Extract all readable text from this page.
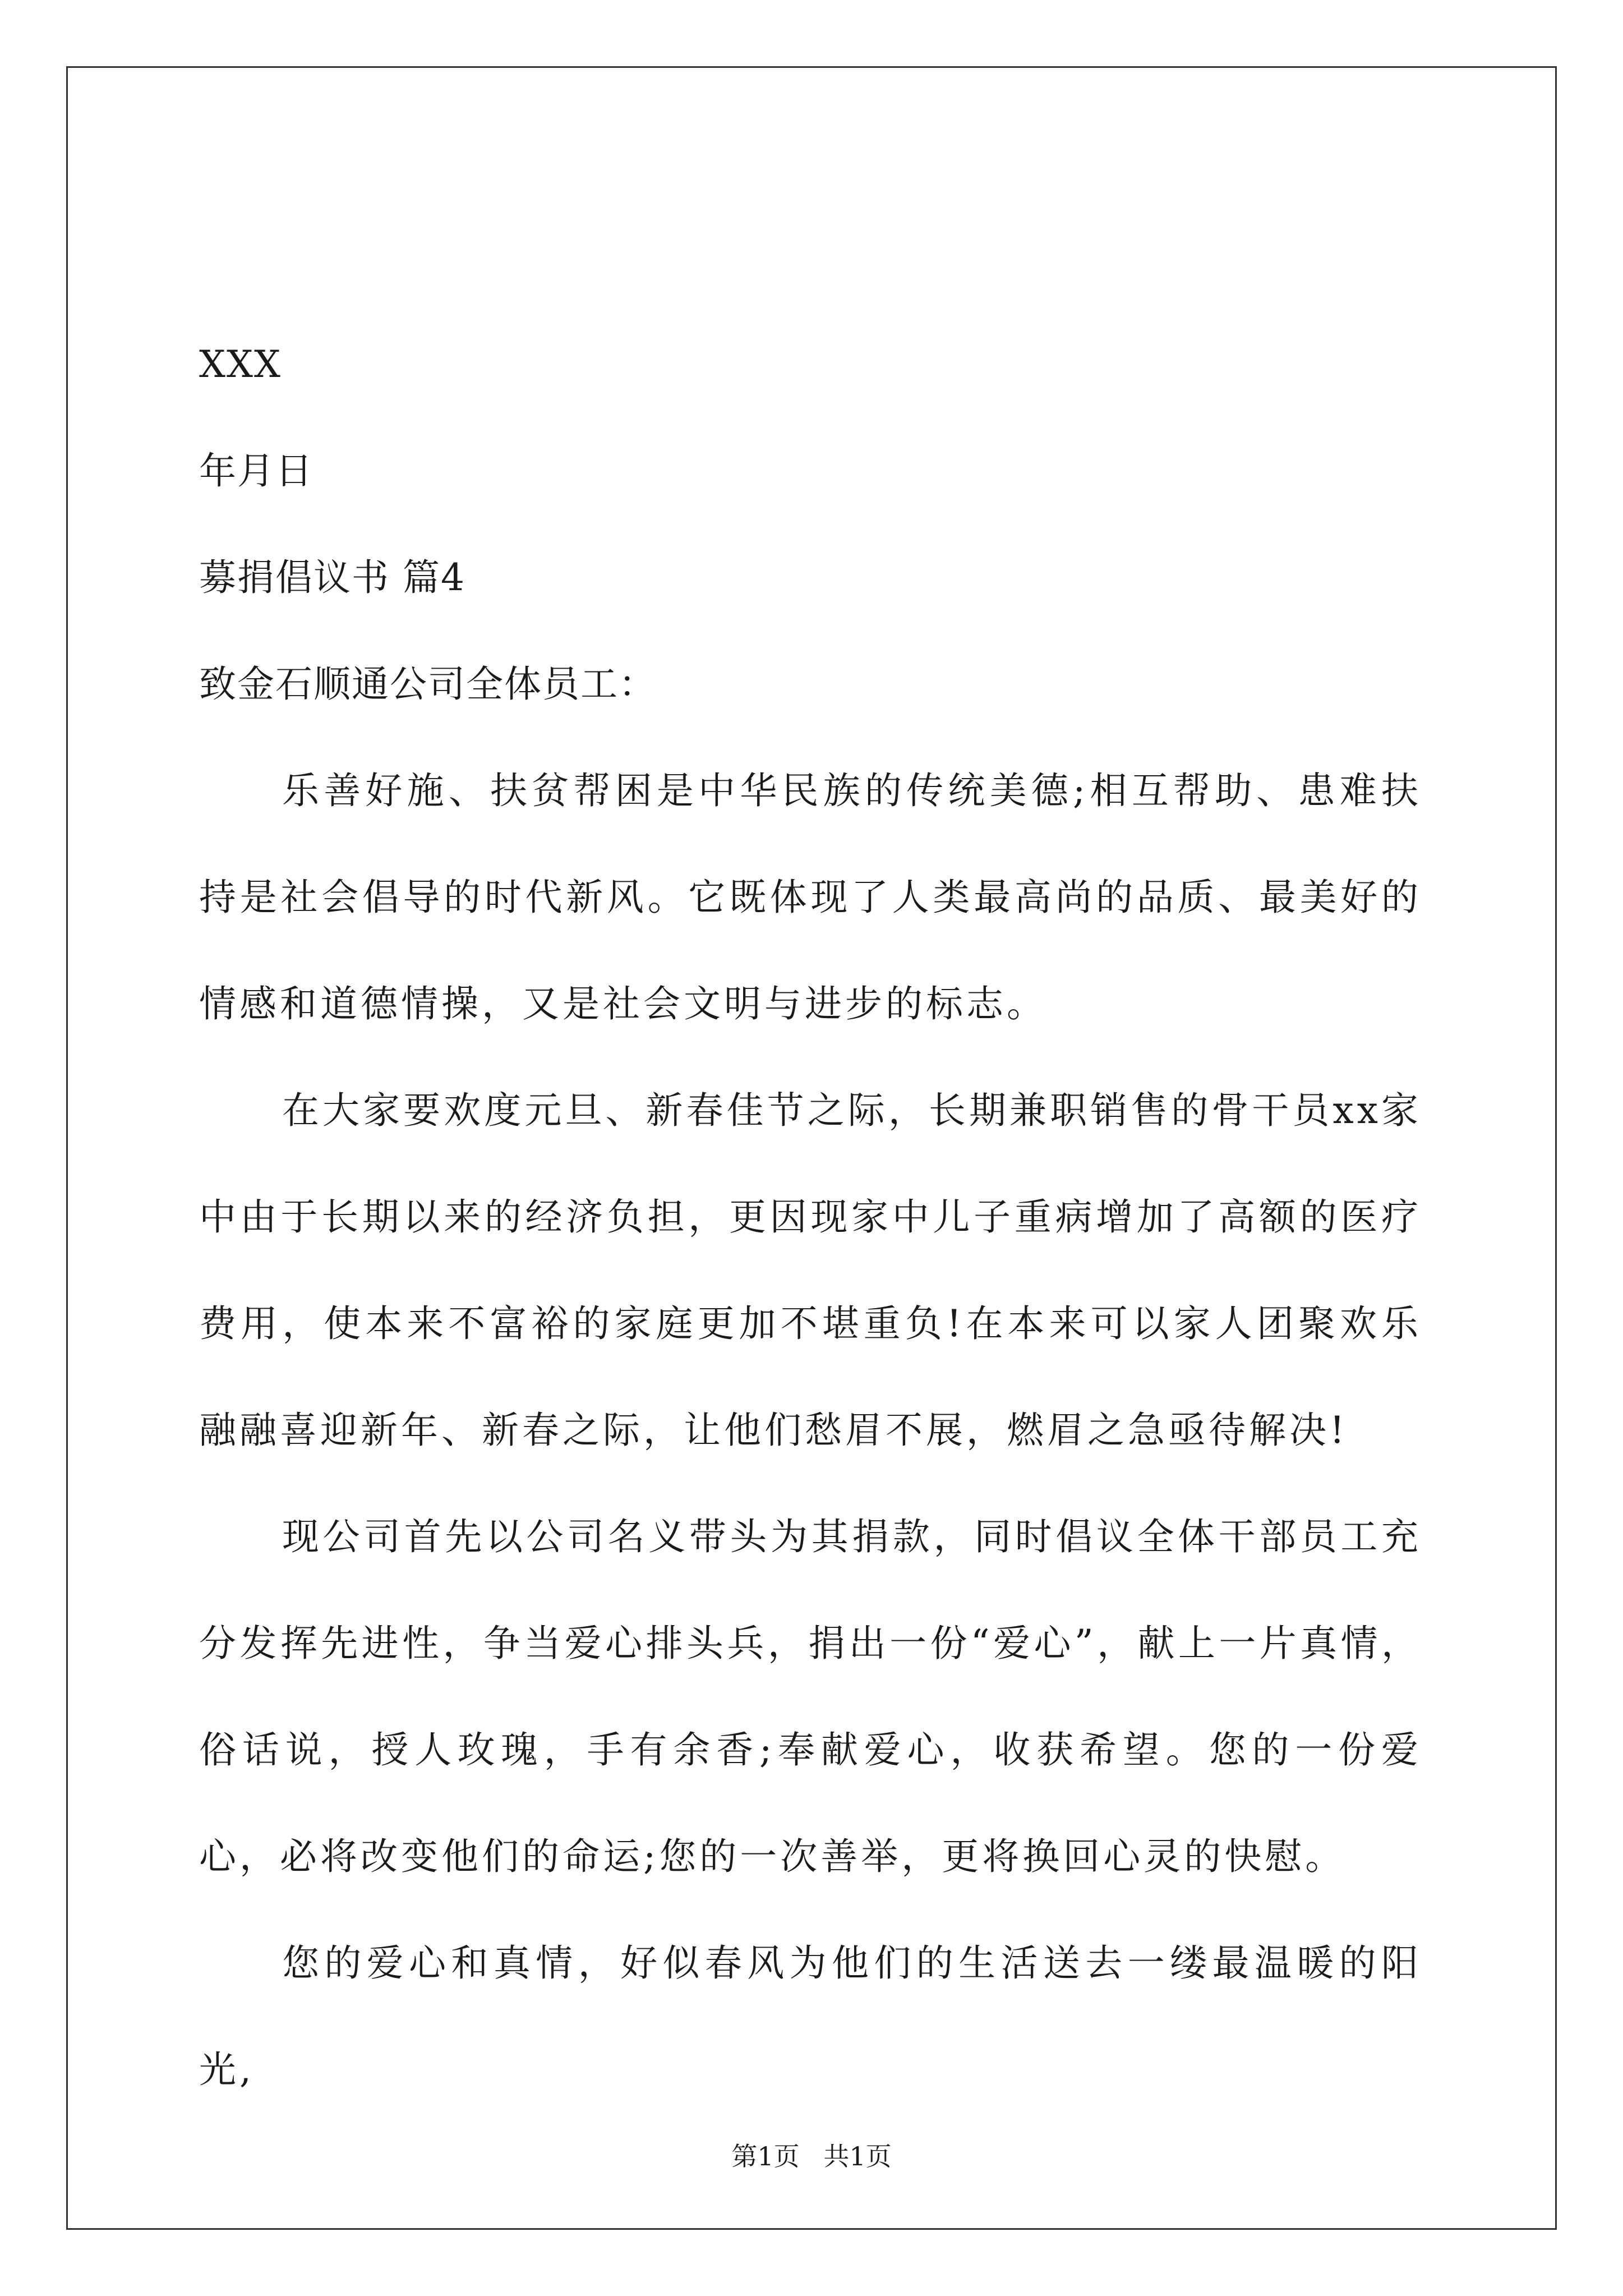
XXX
年月日
募捐倡议书 篇4
致金石顺通公司全体员工：

乐善好施、扶贫帮困是中华民族的传统美德;相互帮助、患难扶持是社会倡导的时代新风。它既体现了人类最高尚的品质、最美好的情感和道德情操，又是社会文明与进步的标志。

在大家要欢度元旦、新春佳节之际，长期兼职销售的骨干员xx家中由于长期以来的经济负担，更因现家中儿子重病增加了高额的医疗费用，使本来不富裕的家庭更加不堪重负!在本来可以家人团聚欢乐融融喜迎新年、新春之际，让他们愁眉不展，燃眉之急亟待解决!

现公司首先以公司名义带头为其捐款，同时倡议全体干部员工充分发挥先进性，争当爱心排头兵，捐出一份“爱心”，献上一片真情，俗话说，授人玫瑰，手有余香;奉献爱心，收获希望。您的一份爱心，必将改变他们的命运;您的一次善举，更将换回心灵的快慰。

您的爱心和真情，好似春风为他们的生活送去一缕最温暖的阳光,

第1页 共1页
